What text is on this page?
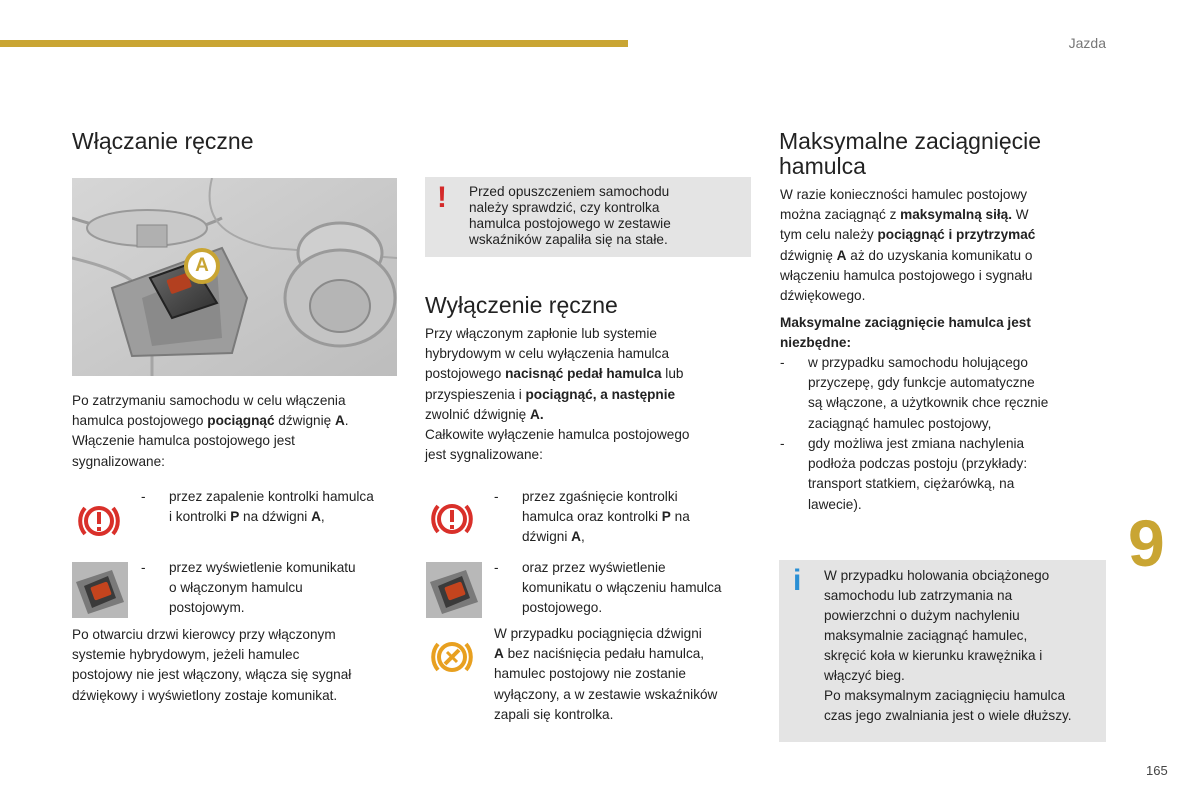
Jazda
Włączanie ręczne
A

Po zatrzymaniu samochodu w celu włączenia

hamulca postojowego pociągnąć dźwignię A.

Włączenie hamulca postojowego jest

sygnalizowane:

- przez zapalenie kontrolki hamulca
i kontrolki P na dźwigni A,
- przez wyświetlenie komunikatu
o włączonym hamulcu
postojowym.

Po otwarciu drzwi kierowcy przy włączonym

systemie hybrydowym, jeżeli hamulec

postojowy nie jest włączony, włącza się sygnał

dźwiękowy i wyświetlony zostaje komunikat.

! Przed opuszczeniem samochodu
należy sprawdzić, czy kontrolka
hamulca postojowego w zestawie
wskaźników zapaliła się na stałe.
Wyłączenie ręczne

Przy włączonym zapłonie lub systemie

hybrydowym w celu wyłączenia hamulca

postojowego nacisnąć pedał hamulca lub

przyspieszenia i pociągnąć, a następnie

zwolnić dźwignię A.

Całkowite wyłączenie hamulca postojowego

jest sygnalizowane:

- przez zgaśnięcie kontrolki
hamulca oraz kontrolki P na
dźwigni A,
- oraz przez wyświetlenie
komunikatu o włączeniu hamulca
postojowego.

W przypadku pociągnięcia dźwigni

A bez naciśnięcia pedału hamulca,

hamulec postojowy nie zostanie

wyłączony, a w zestawie wskaźników

zapali się kontrolka.

Maksymalne zaciągnięcie
hamulca

W razie konieczności hamulec postojowy

można zaciągnąć z maksymalną siłą. W

tym celu należy pociągnąć i przytrzymać

dźwignię A aż do uzyskania komunikatu o

włączeniu hamulca postojowego i sygnału

dźwiękowego.

Maksymalne zaciągnięcie hamulca jest

niezbędne:

- w przypadku samochodu holującego
przyczepę, gdy funkcje automatyczne
są włączone, a użytkownik chce ręcznie
zaciągnąć hamulec postojowy,
- gdy możliwa jest zmiana nachylenia
podłoża podczas postoju (przykłady:
transport statkiem, ciężarówką, na
lawecie).
i W przypadku holowania obciążonego
samochodu lub zatrzymania na
powierzchni o dużym nachyleniu
maksymalnie zaciągnąć hamulec,
skręcić koła w kierunku krawężnika i
włączyć bieg.
Po maksymalnym zaciągnięciu hamulca
czas jego zwalniania jest o wiele dłuższy.
9
165
